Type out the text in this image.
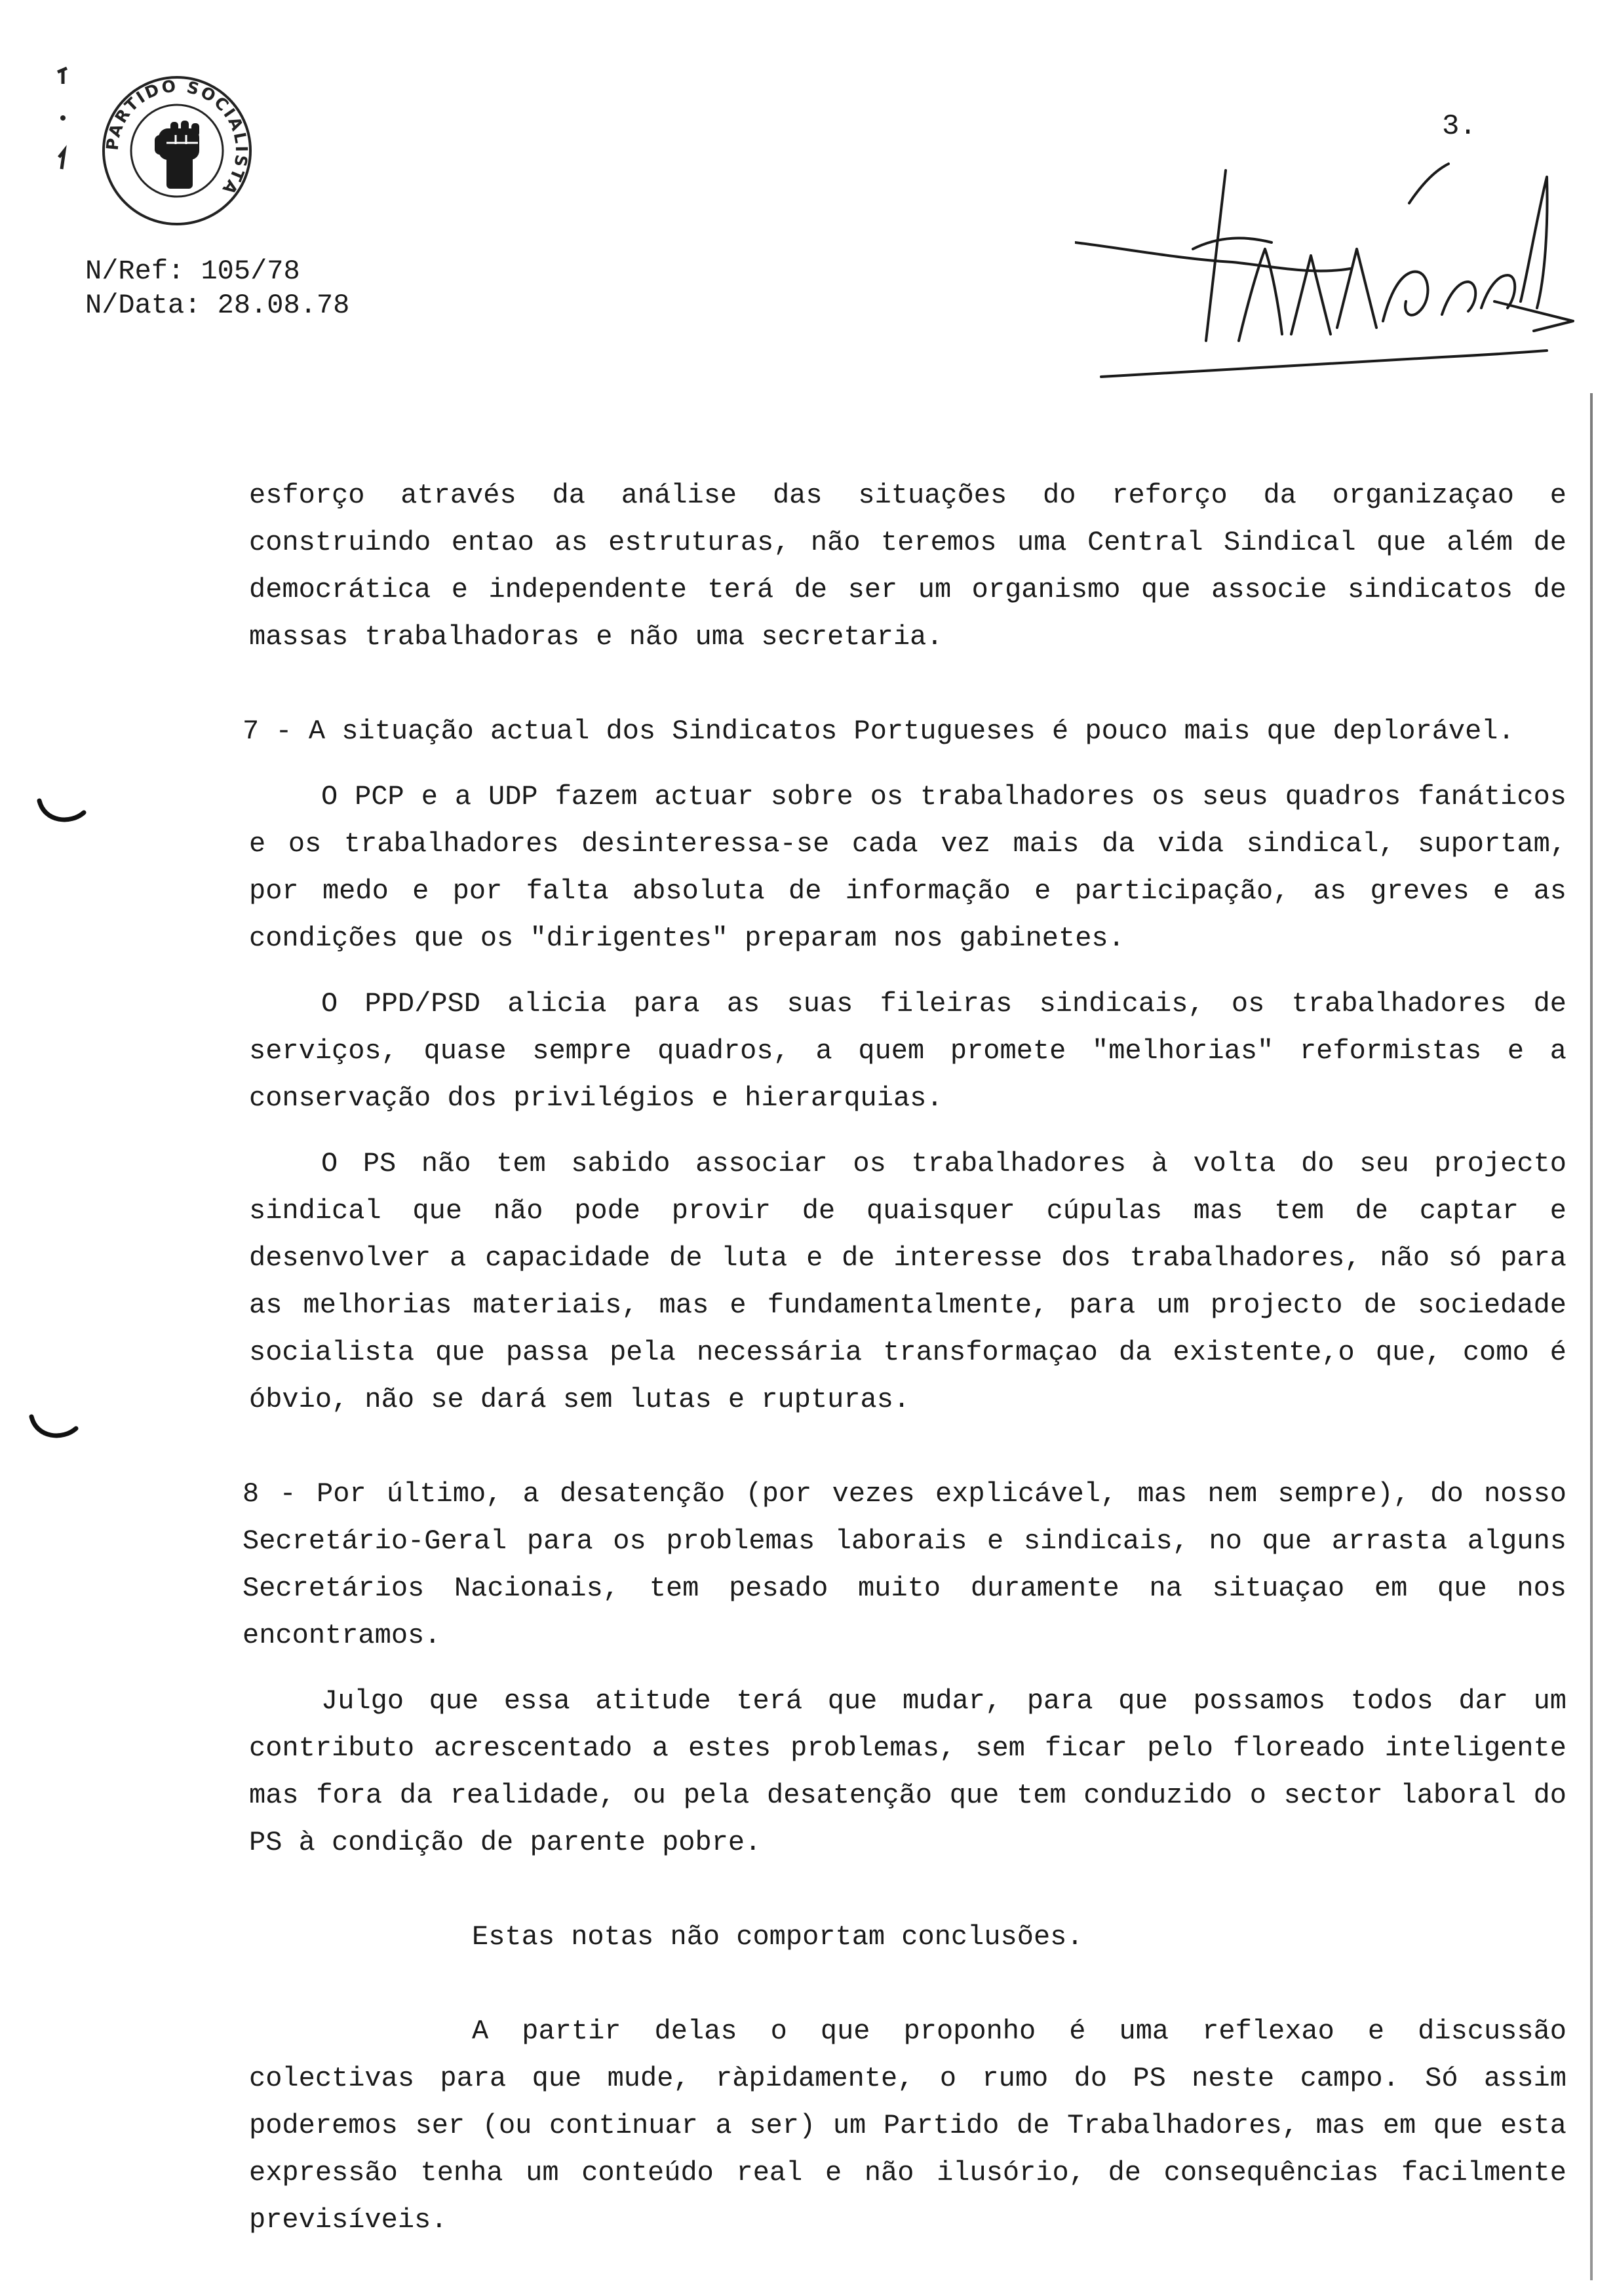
PARTIDO SOCIALISTA
N/Ref: 105/78
N/Data: 28.08.78
3.

esforço através da análise das situações do reforço da organizaçao e construindo entao as estruturas, não teremos uma Central Sindical que além de democrática e independente terá de ser um organismo que associe sindicatos de massas trabalhadoras e não uma secretaria.

7 - A situação actual dos Sindicatos Portugueses é pouco mais que deplorável.

O PCP e a UDP fazem actuar sobre os trabalhadores os seus quadros fanáticos e os trabalhadores desinteressa-se cada vez mais da vida sindical, suportam, por medo e por falta absoluta de informação e participação, as greves e as condições que os "dirigentes" preparam nos gabinetes.

O PPD/PSD alicia para as suas fileiras sindicais, os trabalhadores de serviços, quase sempre quadros, a quem promete "melhorias" reformistas e a conservação dos privilégios e hierarquias.

O PS não tem sabido associar os trabalhadores à volta do seu projecto sindical que não pode provir de quaisquer cúpulas mas tem de captar e desenvolver a capacidade de luta e de interesse dos trabalhadores, não só para as melhorias materiais, mas e fundamentalmente, para um projecto de sociedade socialista que passa pela necessária transformaçao da existente,o que, como é óbvio, não se dará sem lutas e rupturas.

8 - Por último, a desatenção (por vezes explicável, mas nem sempre), do nosso Secretário-Geral para os problemas laborais e sindicais, no que arrasta alguns Secretários Nacionais, tem pesado muito duramente na situaçao em que nos encontramos.

Julgo que essa atitude terá que mudar, para que possamos todos dar um contributo acrescentado a estes problemas, sem ficar pelo floreado inteligente mas fora da realidade, ou pela desatenção que tem conduzido o sector laboral do PS à condição de parente pobre.

Estas notas não comportam conclusões.

A partir delas o que proponho é uma reflexao e discussão colectivas para que mude, ràpidamente, o rumo do PS neste campo. Só assim poderemos ser (ou continuar a ser) um Partido de Trabalhadores, mas em que esta expressão tenha um conteúdo real e não ilusório, de consequências facilmente previsíveis.
